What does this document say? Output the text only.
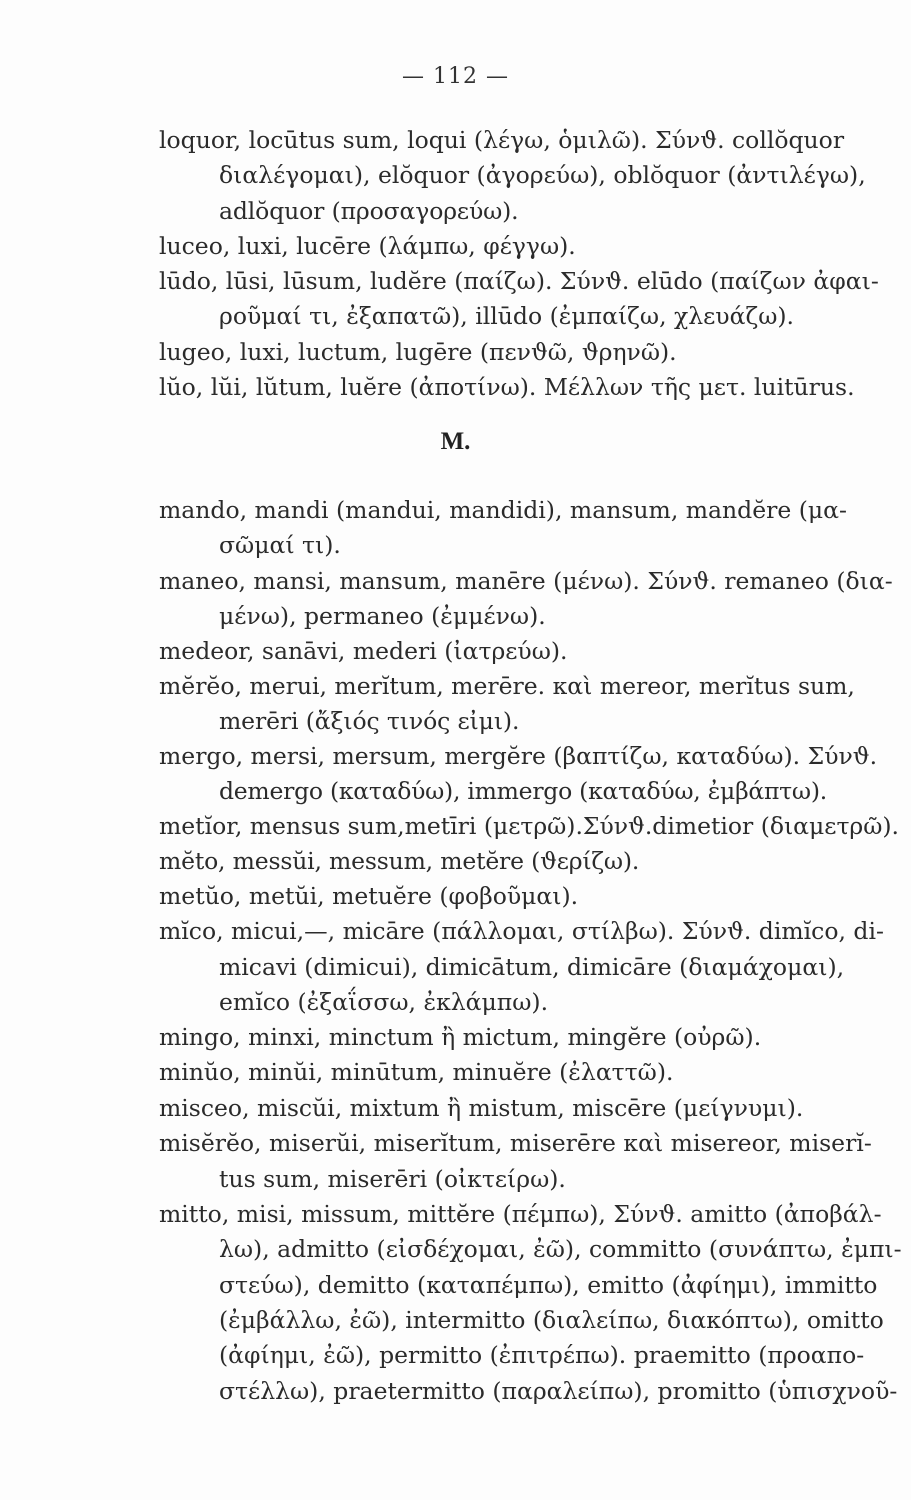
— 112 —
loquor, locūtus sum, loqui (λέγω, ὁμιλῶ). Σύνϑ. collŏquor
διαλέγομαι), elŏquor (ἀγορεύω), oblŏquor (ἀντιλέγω),
adlŏquor (προσαγορεύω).
luceo, luxi, lucēre (λάμπω, φέγγω).
lūdo, lūsi, lūsum, ludĕre (παίζω). Σύνϑ. elūdo (παίζων ἀφαι-
ροῦμαί τι, ἐξαπατῶ), illūdo (ἐμπαίζω, χλευάζω).
lugeo, luxi, luctum, lugēre (πενϑῶ, ϑρηνῶ).
lŭo, lŭi, lŭtum, luĕre (ἀποτίνω). Μέλλων τῆς μετ. luitūrus.
M.
mando, mandi (mandui, mandidi), mansum, mandĕre (μα-
σῶμαί τι).
maneo, mansi, mansum, manēre (μένω). Σύνϑ. remaneo (δια-
μένω), permaneo (ἐμμένω).
medeor, sanāvi, mederi (ἰατρεύω).
mĕrĕo, merui, merĭtum, merēre. καὶ mereor, merĭtus sum,
merēri (ἄξιός τινός εἰμι).
mergo, mersi, mersum, mergĕre (βαπτίζω, καταδύω). Σύνϑ.
demergo (καταδύω), immergo (καταδύω, ἐμβάπτω).
metĭor, mensus sum,metīri (μετρῶ).Σύνϑ.dimetior (διαμετρῶ).
mĕto, messŭi, messum, metĕre (ϑερίζω).
metŭo, metŭi, metuĕre (φοβοῦμαι).
mĭco, micui,—, micāre (πάλλομαι, στίλβω). Σύνϑ. dimĭco, di-
micavi (dimicui), dimicātum, dimicāre (διαμάχομαι),
emĭco (ἐξαΐσσω, ἐκλάμπω).
mingo, minxi, minctum ἢ mictum, mingĕre (οὐρῶ).
minŭo, minŭi, minūtum, minuĕre (ἐλαττῶ).
misceo, miscŭi, mixtum ἢ mistum, miscēre (μείγνυμι).
misĕrĕo, miserŭi, miserĭtum, miserēre καὶ misereor, miserĭ-
tus sum, miserēri (οἰκτείρω).
mitto, misi, missum, mittĕre (πέμπω), Σύνϑ. amitto (ἀποβάλ-
λω), admitto (εἰσδέχομαι, ἐῶ), committo (συνάπτω, ἐμπι-
στεύω), demitto (καταπέμπω), emitto (ἀφίημι), immitto
(ἐμβάλλω, ἐῶ), intermitto (διαλείπω, διακόπτω), omitto
(ἀφίημι, ἐῶ), permitto (ἐπιτρέπω). praemitto (προαπο-
στέλλω), praetermitto (παραλείπω), promitto (ὑπισχνοῦ-
